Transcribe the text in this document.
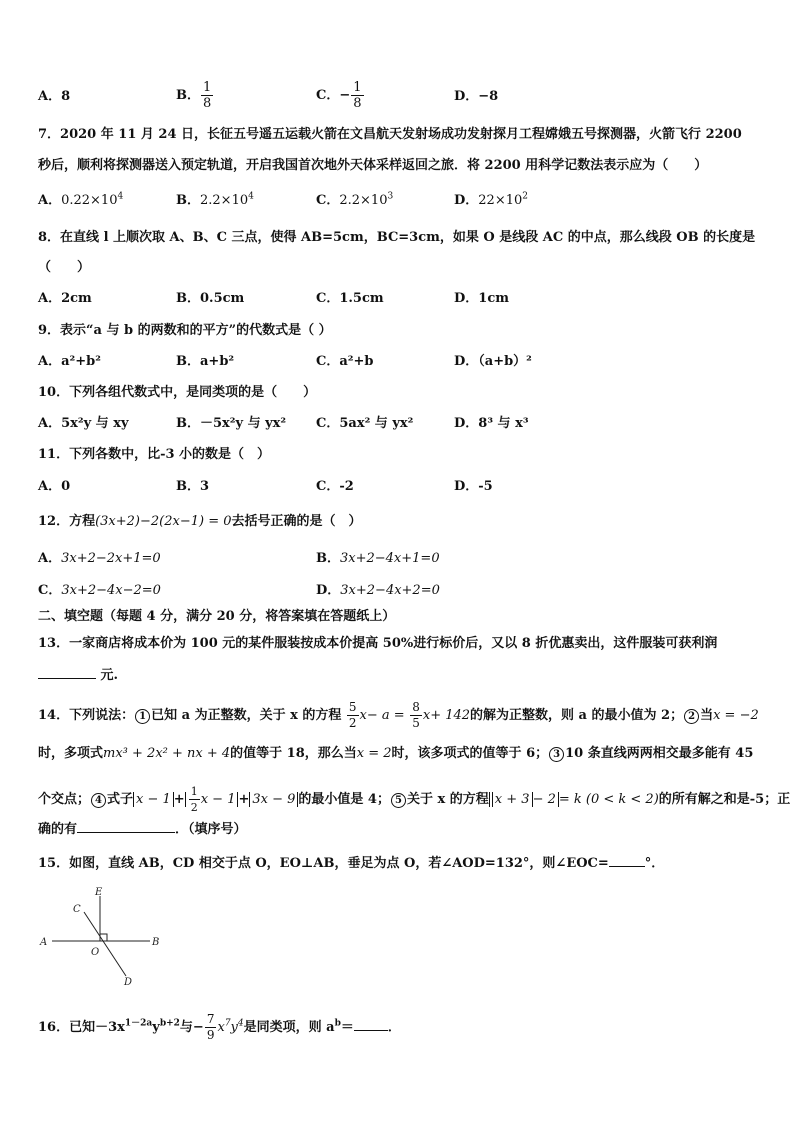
A．8	B． $\frac{1}{8}$	C．− $\frac{1}{8}$	D．−8
7．2020 年 11 月 24 日，长征五号遥五运载火箭在文昌航天发射场成功发射探月工程嫦娥五号探测器，火箭飞行 2200
秒后，顺利将探测器送入预定轨道，开启我国首次地外天体采样返回之旅．将 2200 用科学记数法表示应为（　　）
A．$0.22\times 10^4$	B．$2.2\times 10^4$	C．$2.2\times 10^3$	D．$22\times 10^2$
8．在直线 l 上顺次取 A、B、C 三点，使得 AB=5cm，BC=3cm，如果 O 是线段 AC 的中点，那么线段 OB 的长度是
（　　）
A．2cm	B．0.5cm	C．1.5cm	D．1cm
9．表示“a 与 b 的两数和的平方”的代数式是（ ）
A．a²+b²	B．a+b²	C．a²+b	D．（a+b）²
10．下列各组代数式中，是同类项的是（　　）
A．5x²y 与 xy	B．－5x²y 与 yx² C．5ax² 与 yx²	D．8³ 与 x³
11．下列各数中，比-3 小的数是（　）
A．0	B．3	C．-2	D．-5
12．方程(3x+2)−2(2x−1) = 0去括号正确的是（　）
A．3x+2−2x+1=0	B．3x+2−4x+1=0
C．3x+2−4x−2=0	D．3x+2−4x+2=0
二、填空题（每题 4 分，满分 20 分，将答案填在答题纸上）
13．一家商店将成本价为 100 元的某件服装按成本价提高 50%进行标价后，又以 8 折优惠卖出，这件服装可获利润
元.
14．下列说法： 1 已知 a 为正整数，关于 x 的方程 $\frac{5}{2} x- a = \frac{8}{5} x+ 142$的解为正整数，则 a 的最小值为 2； 2 当x = −2
时，多项式mx³ + 2x² + nx + 4的值等于 18，那么当x = 2时，该多项式的值等于 6； 3 10 条直线两两相交最多能有 45
个交点； 4 式子 $x - 1 + \frac{1}{2}$ x − 1 + 3x − 9 的最小值是 4； 5 关于 x 的方程 x + 3 − 2 = k (0 < k < 2)的所有解之和是-5；正
确的有	．（填序号）
15．如图，直线 AB，CD 相交于点 O，EO⊥AB，垂足为点 O，若∠AOD=132°，则∠EOC=	°．
E
C
A
O
B
D
16．已知$-3x^{1-2a}y^{b+2}$与− $\frac{7}{9} x^7y^4$是同类项，则 $a^b=$	．
